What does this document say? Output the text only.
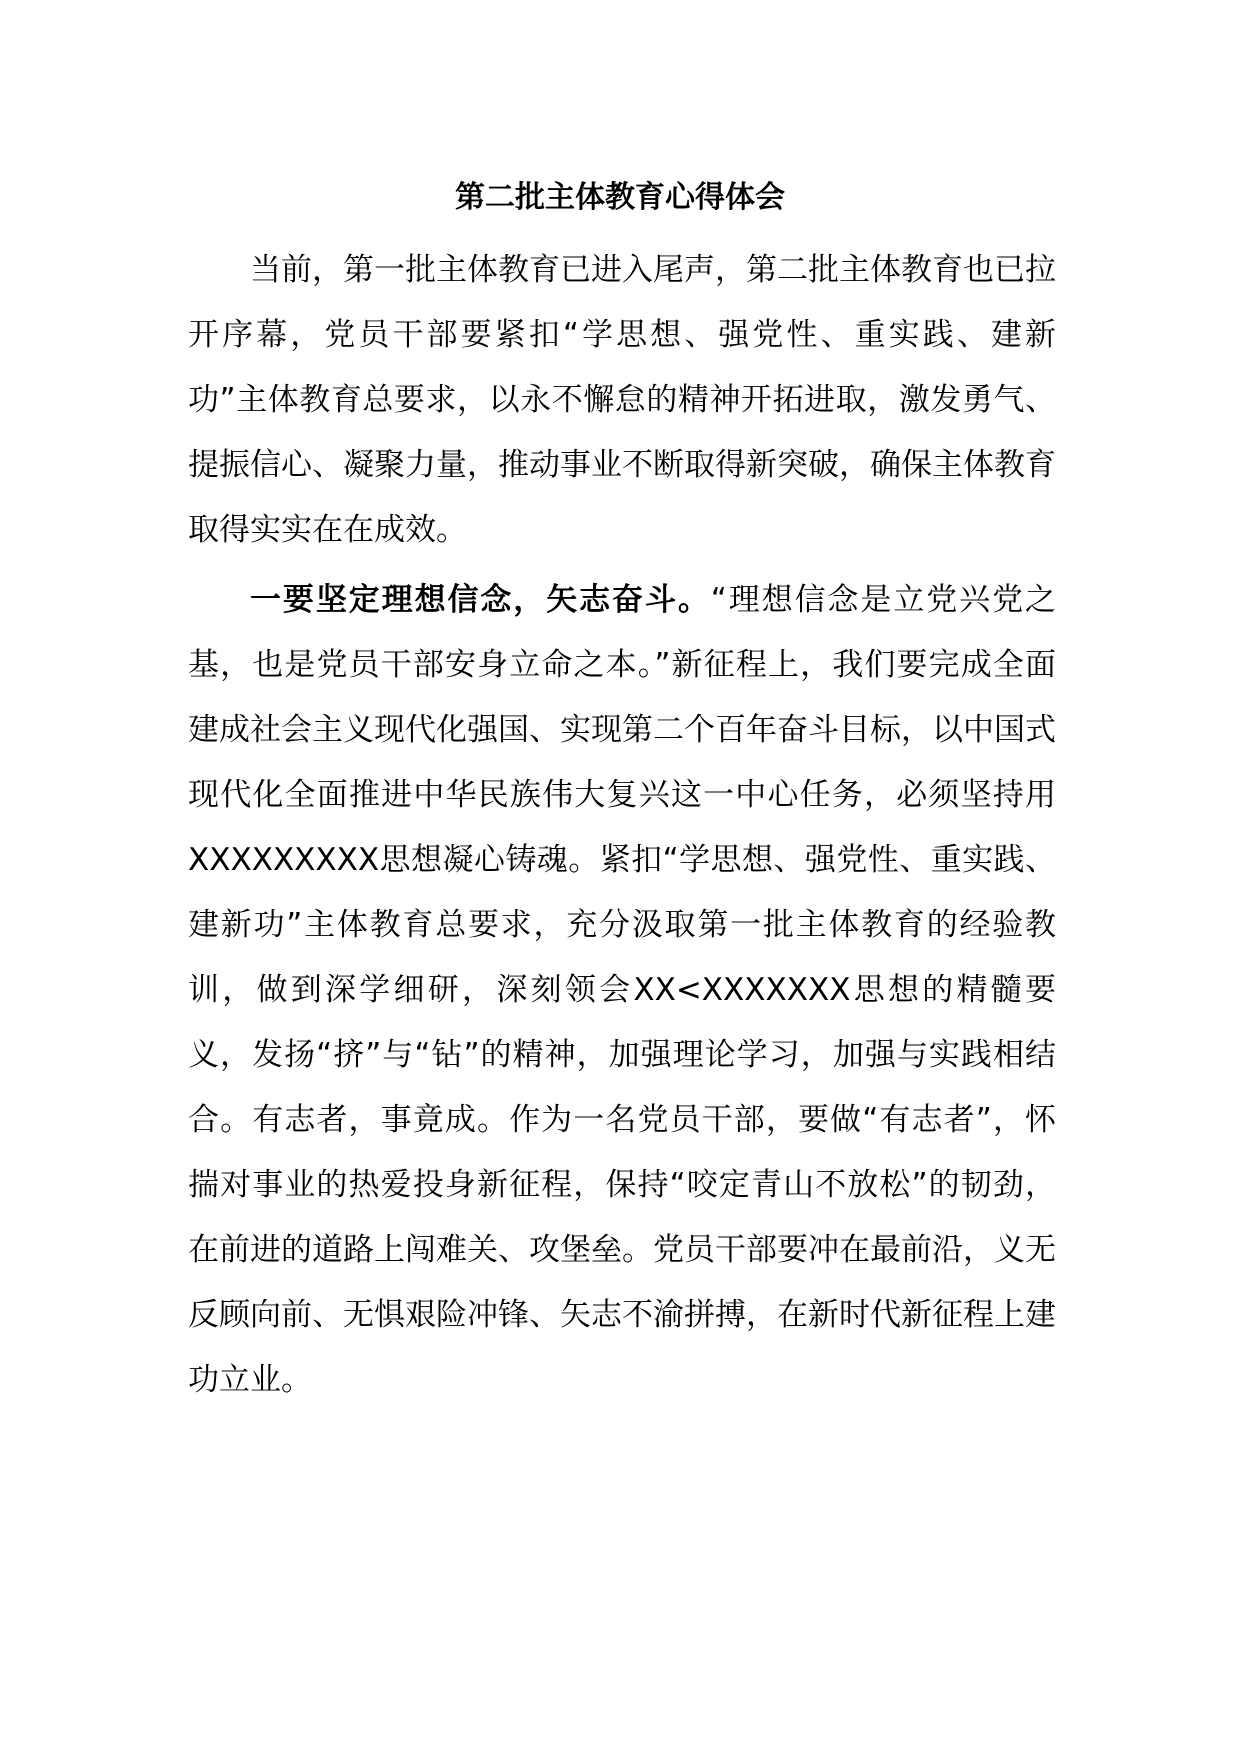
第二批主体教育心得体会

当前，第一批主体教育已进入尾声，第二批主体教育也已拉开序幕，党员干部要紧扣“学思想、强党性、重实践、建新功”主体教育总要求，以永不懈怠的精神开拓进取，激发勇气、提振信心、凝聚力量，推动事业不断取得新突破，确保主体教育取得实实在在成效。

一要坚定理想信念，矢志奋斗。“理想信念是立党兴党之基，也是党员干部安身立命之本。”新征程上，我们要完成全面建成社会主义现代化强国、实现第二个百年奋斗目标，以中国式现代化全面推进中华民族伟大复兴这一中心任务，必须坚持用XXXXXXXXX思想凝心铸魂。紧扣“学思想、强党性、重实践、建新功”主体教育总要求，充分汲取第一批主体教育的经验教训，做到深学细研，深刻领会XX<XXXXXXX思想的精髓要义，发扬“挤”与“钻”的精神，加强理论学习，加强与实践相结合。有志者，事竟成。作为一名党员干部，要做“有志者”，怀揣对事业的热爱投身新征程，保持“咬定青山不放松”的韧劲，在前进的道路上闯难关、攻堡垒。党员干部要冲在最前沿，义无反顾向前、无惧艰险冲锋、矢志不渝拼搏，在新时代新征程上建功立业。
